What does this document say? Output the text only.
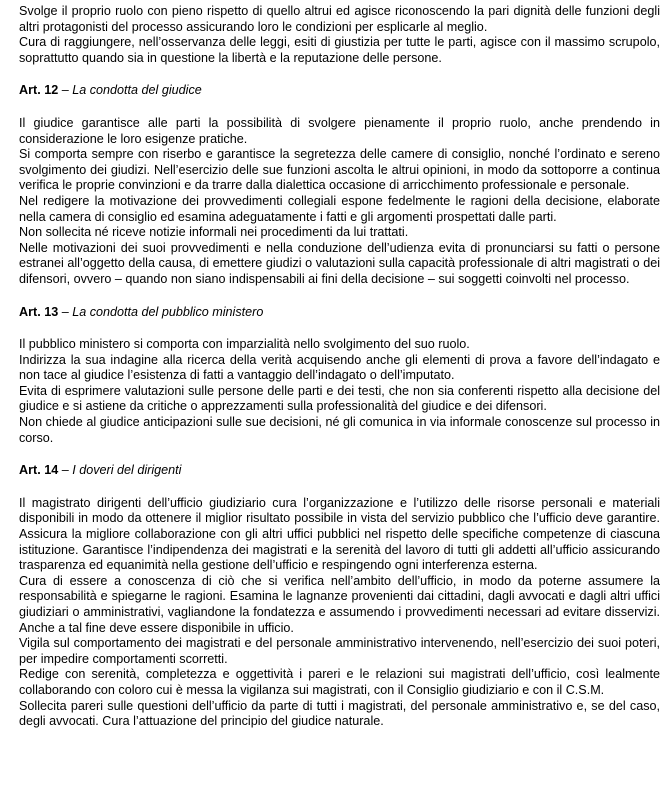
Svolge il proprio ruolo con pieno rispetto di quello altrui ed agisce riconoscendo la pari dignità delle funzioni degli altri protagonisti del processo assicurando loro le condizioni per esplicarle al meglio.

Cura di raggiungere, nell’osservanza delle leggi, esiti di giustizia per tutte le parti, agisce con il massimo scrupolo, soprattutto quando sia in questione la libertà e la reputazione delle persone.

Art. 12 – La condotta del giudice

Il giudice garantisce alle parti la possibilità di svolgere pienamente il proprio ruolo, anche prendendo in considerazione le loro esigenze pratiche.

Si comporta sempre con riserbo e garantisce la segretezza delle camere di consiglio, nonché l’ordinato e sereno svolgimento dei giudizi. Nell’esercizio delle sue funzioni ascolta le altrui opinioni, in modo da sottoporre a continua verifica le proprie convinzioni e da trarre dalla dialettica occasione di arricchimento professionale e personale.

Nel redigere la motivazione dei provvedimenti collegiali espone fedelmente le ragioni della decisione, elaborate nella camera di consiglio ed esamina adeguatamente i fatti e gli argomenti prospettati dalle parti.

Non sollecita né riceve notizie informali nei procedimenti da lui trattati.

Nelle motivazioni dei suoi provvedimenti e nella conduzione dell’udienza evita di pronunciarsi su fatti o persone estranei all’oggetto della causa, di emettere giudizi o valutazioni sulla capacità professionale di altri magistrati o dei difensori, ovvero – quando non siano indispensabili ai fini della decisione – sui soggetti coinvolti nel processo.

Art. 13 – La condotta del pubblico ministero

Il pubblico ministero si comporta con imparzialità nello svolgimento del suo ruolo.

Indirizza la sua indagine alla ricerca della verità acquisendo anche gli elementi di prova a favore dell’indagato e non tace al giudice l’esistenza di fatti a vantaggio dell’indagato o dell’imputato.

Evita di esprimere valutazioni sulle persone delle parti e dei testi, che non sia conferenti rispetto alla decisione del giudice e si astiene da critiche o apprezzamenti sulla professionalità del giudice e dei difensori.

Non chiede al giudice anticipazioni sulle sue decisioni, né gli comunica in via informale conoscenze sul processo in corso.

Art. 14 – I doveri del dirigenti

Il magistrato dirigenti dell’ufficio giudiziario cura l’organizzazione e l’utilizzo delle risorse personali e materiali disponibili in modo da ottenere il miglior risultato possibile in vista del servizio pubblico che l’ufficio deve garantire. Assicura la migliore collaborazione con gli altri uffici pubblici nel rispetto delle specifiche competenze di ciascuna istituzione. Garantisce l’indipendenza dei magistrati e la serenità del lavoro di tutti gli addetti all’ufficio assicurando trasparenza ed equanimità nella gestione dell’ufficio e respingendo ogni interferenza esterna.

Cura di essere a conoscenza di ciò che si verifica nell’ambito dell’ufficio, in modo da poterne assumere la responsabilità e spiegarne le ragioni. Esamina le lagnanze provenienti dai cittadini, dagli avvocati e dagli altri uffici giudiziari o amministrativi, vagliandone la fondatezza e assumendo i provvedimenti necessari ad evitare disservizi. Anche a tal fine deve essere disponibile in ufficio.

Vigila sul comportamento dei magistrati e del personale amministrativo intervenendo, nell’esercizio dei suoi poteri, per impedire comportamenti scorretti.

Redige con serenità, completezza e oggettività i pareri e le relazioni sui magistrati dell’ufficio, così lealmente collaborando con coloro cui è messa la vigilanza sui magistrati, con il Consiglio giudiziario e con il C.S.M.

Sollecita pareri sulle questioni dell’ufficio da parte di tutti i magistrati, del personale amministrativo e, se del caso, degli avvocati. Cura l’attuazione del principio del giudice naturale.
